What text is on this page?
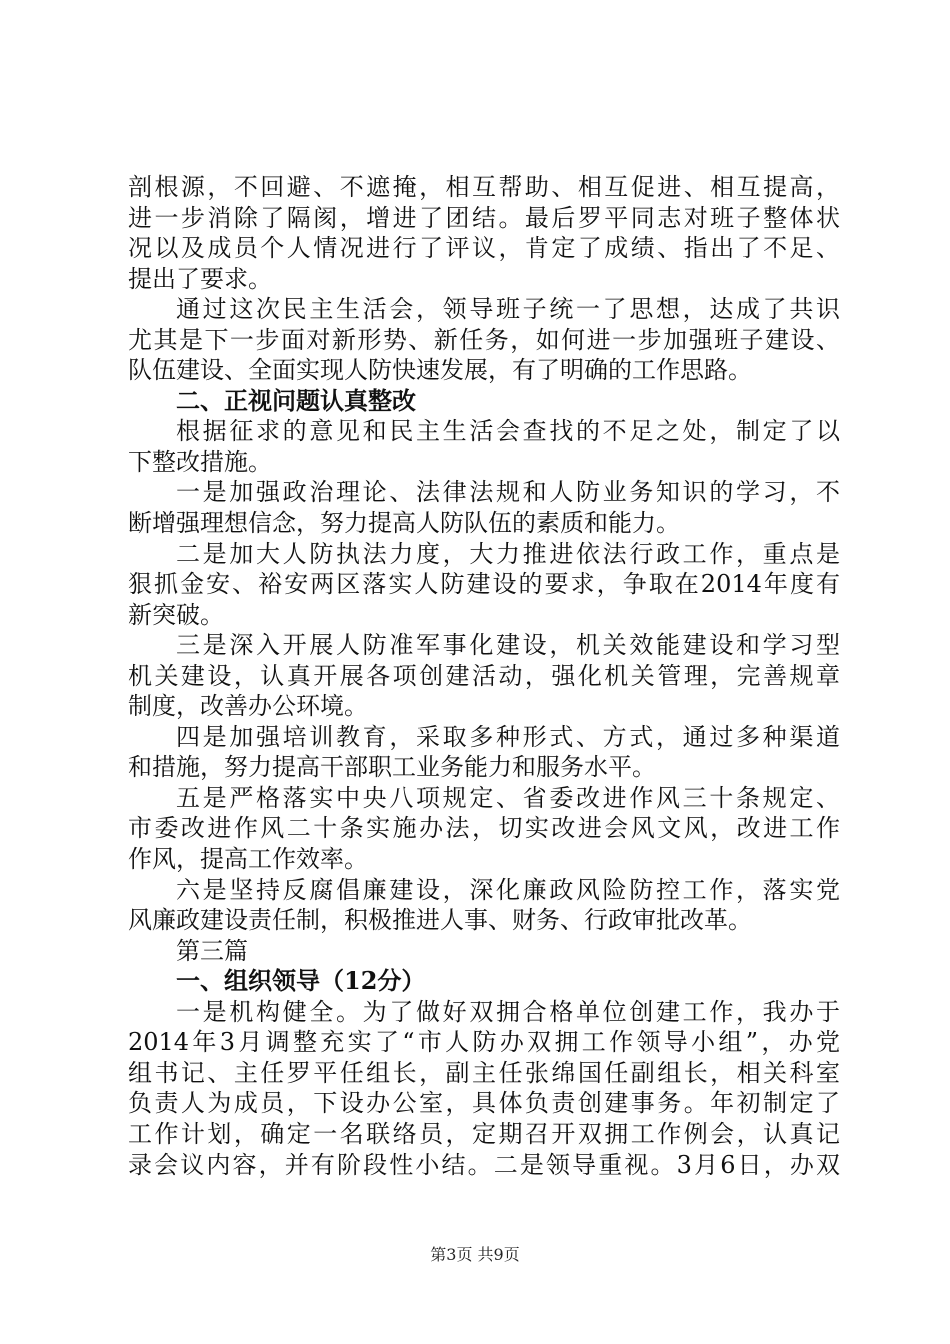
剖根源，不回避、不遮掩，相互帮助、相互促进、相互提高，
进一步消除了隔阂，增进了团结。最后罗平同志对班子整体状
况以及成员个人情况进行了评议，肯定了成绩、指出了不足、
提出了要求。
通过这次民主生活会，领导班子统一了思想，达成了共识
尤其是下一步面对新形势、新任务，如何进一步加强班子建设、
队伍建设、全面实现人防快速发展，有了明确的工作思路。
二、正视问题认真整改
根据征求的意见和民主生活会查找的不足之处，制定了以
下整改措施。
一是加强政治理论、法律法规和人防业务知识的学习，不
断增强理想信念，努力提高人防队伍的素质和能力。
二是加大人防执法力度，大力推进依法行政工作，重点是
狠抓金安、裕安两区落实人防建设的要求，争取在2014年度有
新突破。
三是深入开展人防准军事化建设，机关效能建设和学习型
机关建设，认真开展各项创建活动，强化机关管理，完善规章
制度，改善办公环境。
四是加强培训教育，采取多种形式、方式，通过多种渠道
和措施，努力提高干部职工业务能力和服务水平。
五是严格落实中央八项规定、省委改进作风三十条规定、
市委改进作风二十条实施办法，切实改进会风文风，改进工作
作风，提高工作效率。
六是坚持反腐倡廉建设，深化廉政风险防控工作，落实党
风廉政建设责任制，积极推进人事、财务、行政审批改革。
第三篇
一、组织领导（12分）
一是机构健全。为了做好双拥合格单位创建工作，我办于
2014年3月调整充实了“市人防办双拥工作领导小组”，办党
组书记、主任罗平任组长，副主任张绵国任副组长，相关科室
负责人为成员，下设办公室，具体负责创建事务。年初制定了
工作计划，确定一名联络员，定期召开双拥工作例会，认真记
录会议内容，并有阶段性小结。二是领导重视。3月6日，办双
第3页 共9页
